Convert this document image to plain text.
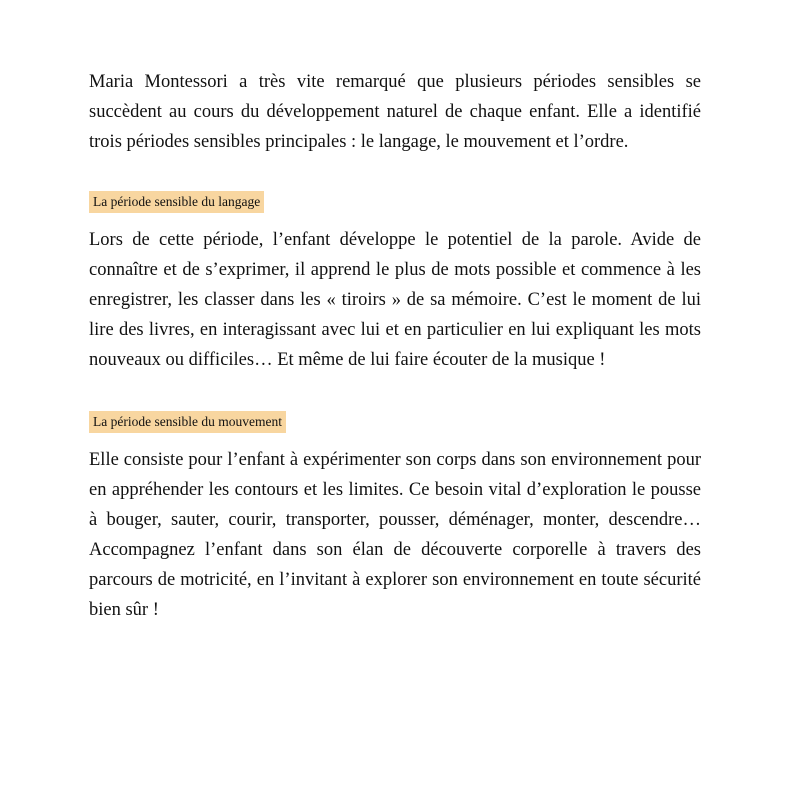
Maria Montessori a très vite remarqué que plusieurs périodes sensibles se succèdent au cours du développement naturel de chaque enfant. Elle a identifié trois périodes sensibles principales : le langage, le mouvement et l’ordre.

La période sensible du langage

Lors de cette période, l’enfant développe le potentiel de la parole. Avide de connaître et de s’exprimer, il apprend le plus de mots possible et commence à les enregistrer, les classer dans les « tiroirs » de sa mémoire. C’est le moment de lui lire des livres, en interagissant avec lui et en particulier en lui expliquant les mots nouveaux ou difficiles… Et même de lui faire écouter de la musique !

La période sensible du mouvement

Elle consiste pour l’enfant à expérimenter son corps dans son environnement pour en appréhender les contours et les limites. Ce besoin vital d’exploration le pousse à bouger, sauter, courir, transporter, pousser, déménager, monter, descendre… Accompagnez l’enfant dans son élan de découverte corporelle à travers des parcours de motricité, en l’invitant à explorer son environnement en toute sécurité bien sûr !
